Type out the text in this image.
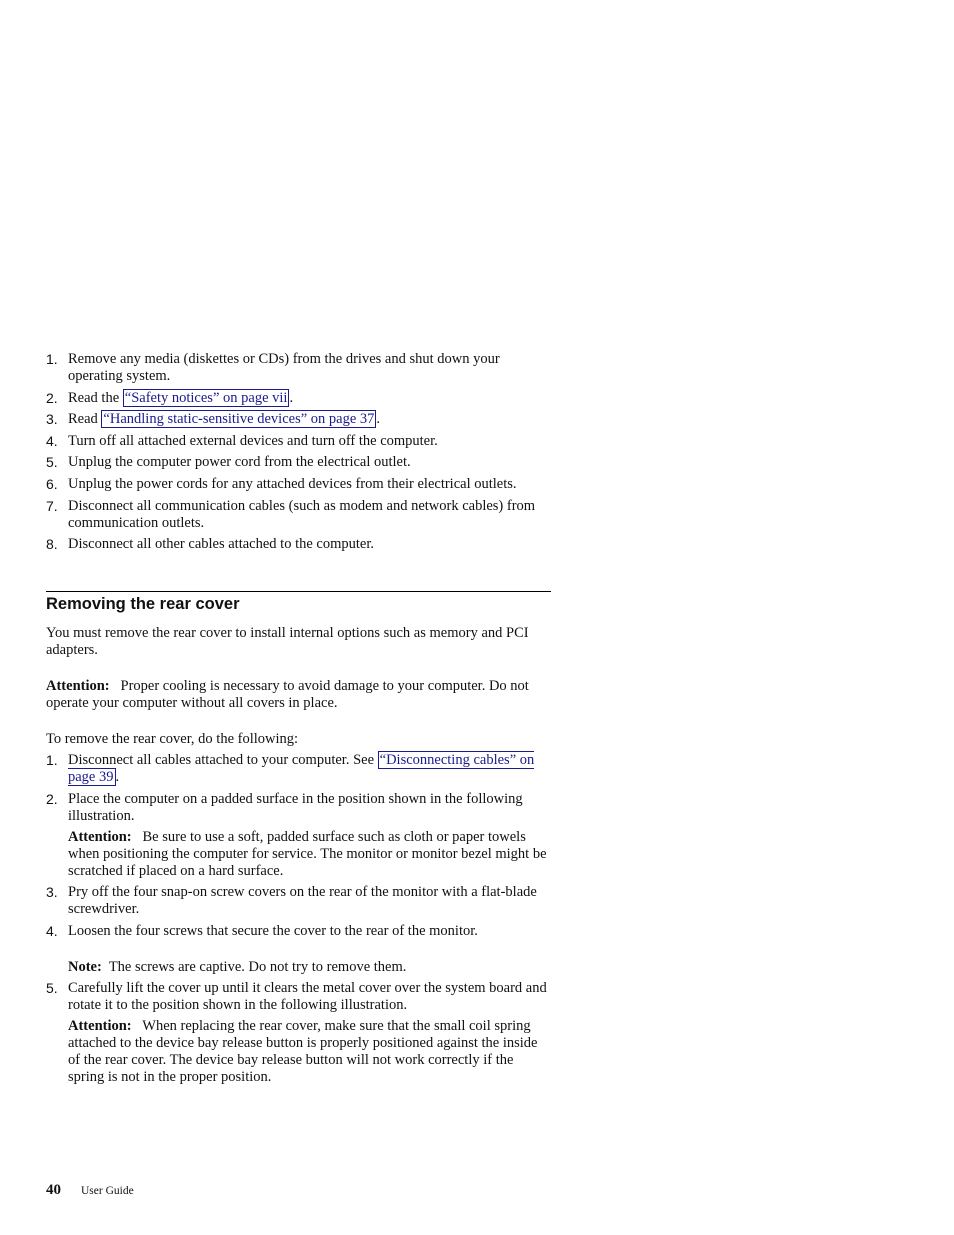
1. Remove any media (diskettes or CDs) from the drives and shut down your operating system.
2. Read the “Safety notices” on page vii .
3. Read “Handling static-sensitive devices” on page 37 .
4. Turn off all attached external devices and turn off the computer.
5. Unplug the computer power cord from the electrical outlet.
6. Unplug the power cords for any attached devices from their electrical outlets.
7. Disconnect all communication cables (such as modem and network cables) from communication outlets.
8. Disconnect all other cables attached to the computer.
Removing the rear cover
You must remove the rear cover to install internal options such as memory and PCI adapters.
Attention: Proper cooling is necessary to avoid damage to your computer. Do not operate your computer without all covers in place.
To remove the rear cover, do the following:
1. Disconnect all cables attached to your computer. See “Disconnecting cables” on page 39 .
2. Place the computer on a padded surface in the position shown in the following illustration.
Attention: Be sure to use a soft, padded surface such as cloth or paper towels when positioning the computer for service. The monitor or monitor bezel might be scratched if placed on a hard surface.
3. Pry off the four snap-on screw covers on the rear of the monitor with a flat-blade screwdriver.
4. Loosen the four screws that secure the cover to the rear of the monitor.
Note: The screws are captive. Do not try to remove them.
5. Carefully lift the cover up until it clears the metal cover over the system board and rotate it to the position shown in the following illustration.
Attention: When replacing the rear cover, make sure that the small coil spring attached to the device bay release button is properly positioned against the inside of the rear cover. The device bay release button will not work correctly if the spring is not in the proper position.
40 User Guide
